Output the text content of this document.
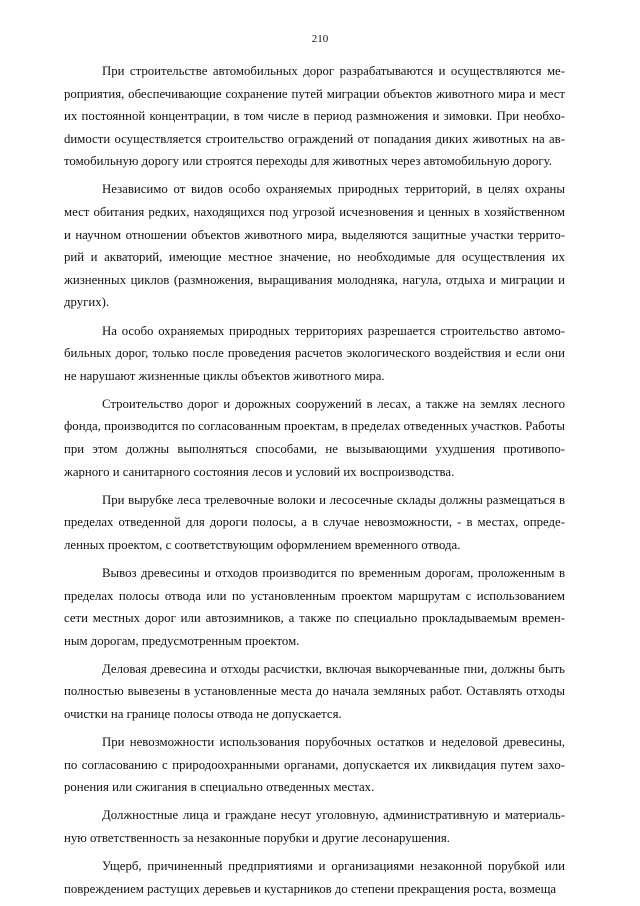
210

При строительстве автомобильных дорог разрабатываются и осуществляются мероприятия, обеспечивающие сохранение путей миграции объектов животного мира и мест их постоянной концентрации, в том числе в период размножения и зимовки. При необхоdимости осуществляется строительство ограждений от попадания диких животных на автомобильную дорогу или строятся переходы для животных через автомобильную дорогу.

Независимо от видов особо охраняемых природных территорий, в целях охраны мест обитания редких, находящихся под угрозой исчезновения и ценных в хозяйственном и научном отношении объектов животного мира, выделяются защитные участки территорий и акваторий, имеющие местное значение, но необходимые для осуществления их жизненных циклов (размножения, выращивания молодняка, нагула, отдыха и миграции и других).

На особо охраняемых природных территориях разрешается строительство автомобильных дорог, только после проведения расчетов экологического воздействия и если они не нарушают жизненные циклы объектов животного мира.

Строительство дорог и дорожных сооружений в лесах, а также на землях лесного фонда, производится по согласованным проектам, в пределах отведенных участков. Работы при этом должны выполняться способами, не вызывающими ухудшения противопожарного и санитарного состояния лесов и условий их воспроизводства.

При вырубке леса трелевочные волоки и лесосечные склады должны размещаться в пределах отведенной для дороги полосы, а в случае невозможности, - в местах, определенных проектом, с соответствующим оформлением временного отвода.

Вывоз древесины и отходов производится по временным дорогам, проложенным в пределах полосы отвода или по установленным проектом маршрутам с использованием сети местных дорог или автозимников, а также по специально прокладываемым временным дорогам, предусмотренным проектом.

Деловая древесина и отходы расчистки, включая выкорчеванные пни, должны быть полностью вывезены в установленные места до начала земляных работ. Оставлять отходы очистки на границе полосы отвода не допускается.

При невозможности использования порубочных остатков и неделовой древесины, по согласованию с природоохранными органами, допускается их ликвидация путем захоронения или сжигания в специально отведенных местах.

Должностные лица и граждане несут уголовную, административную и материальную ответственность за незаконные порубки и другие лесонарушения.

Ущерб, причиненный предприятиями и организациями незаконной порубкой или повреждением растущих деревьев и кустарников до степени прекращения роста, возмеща
